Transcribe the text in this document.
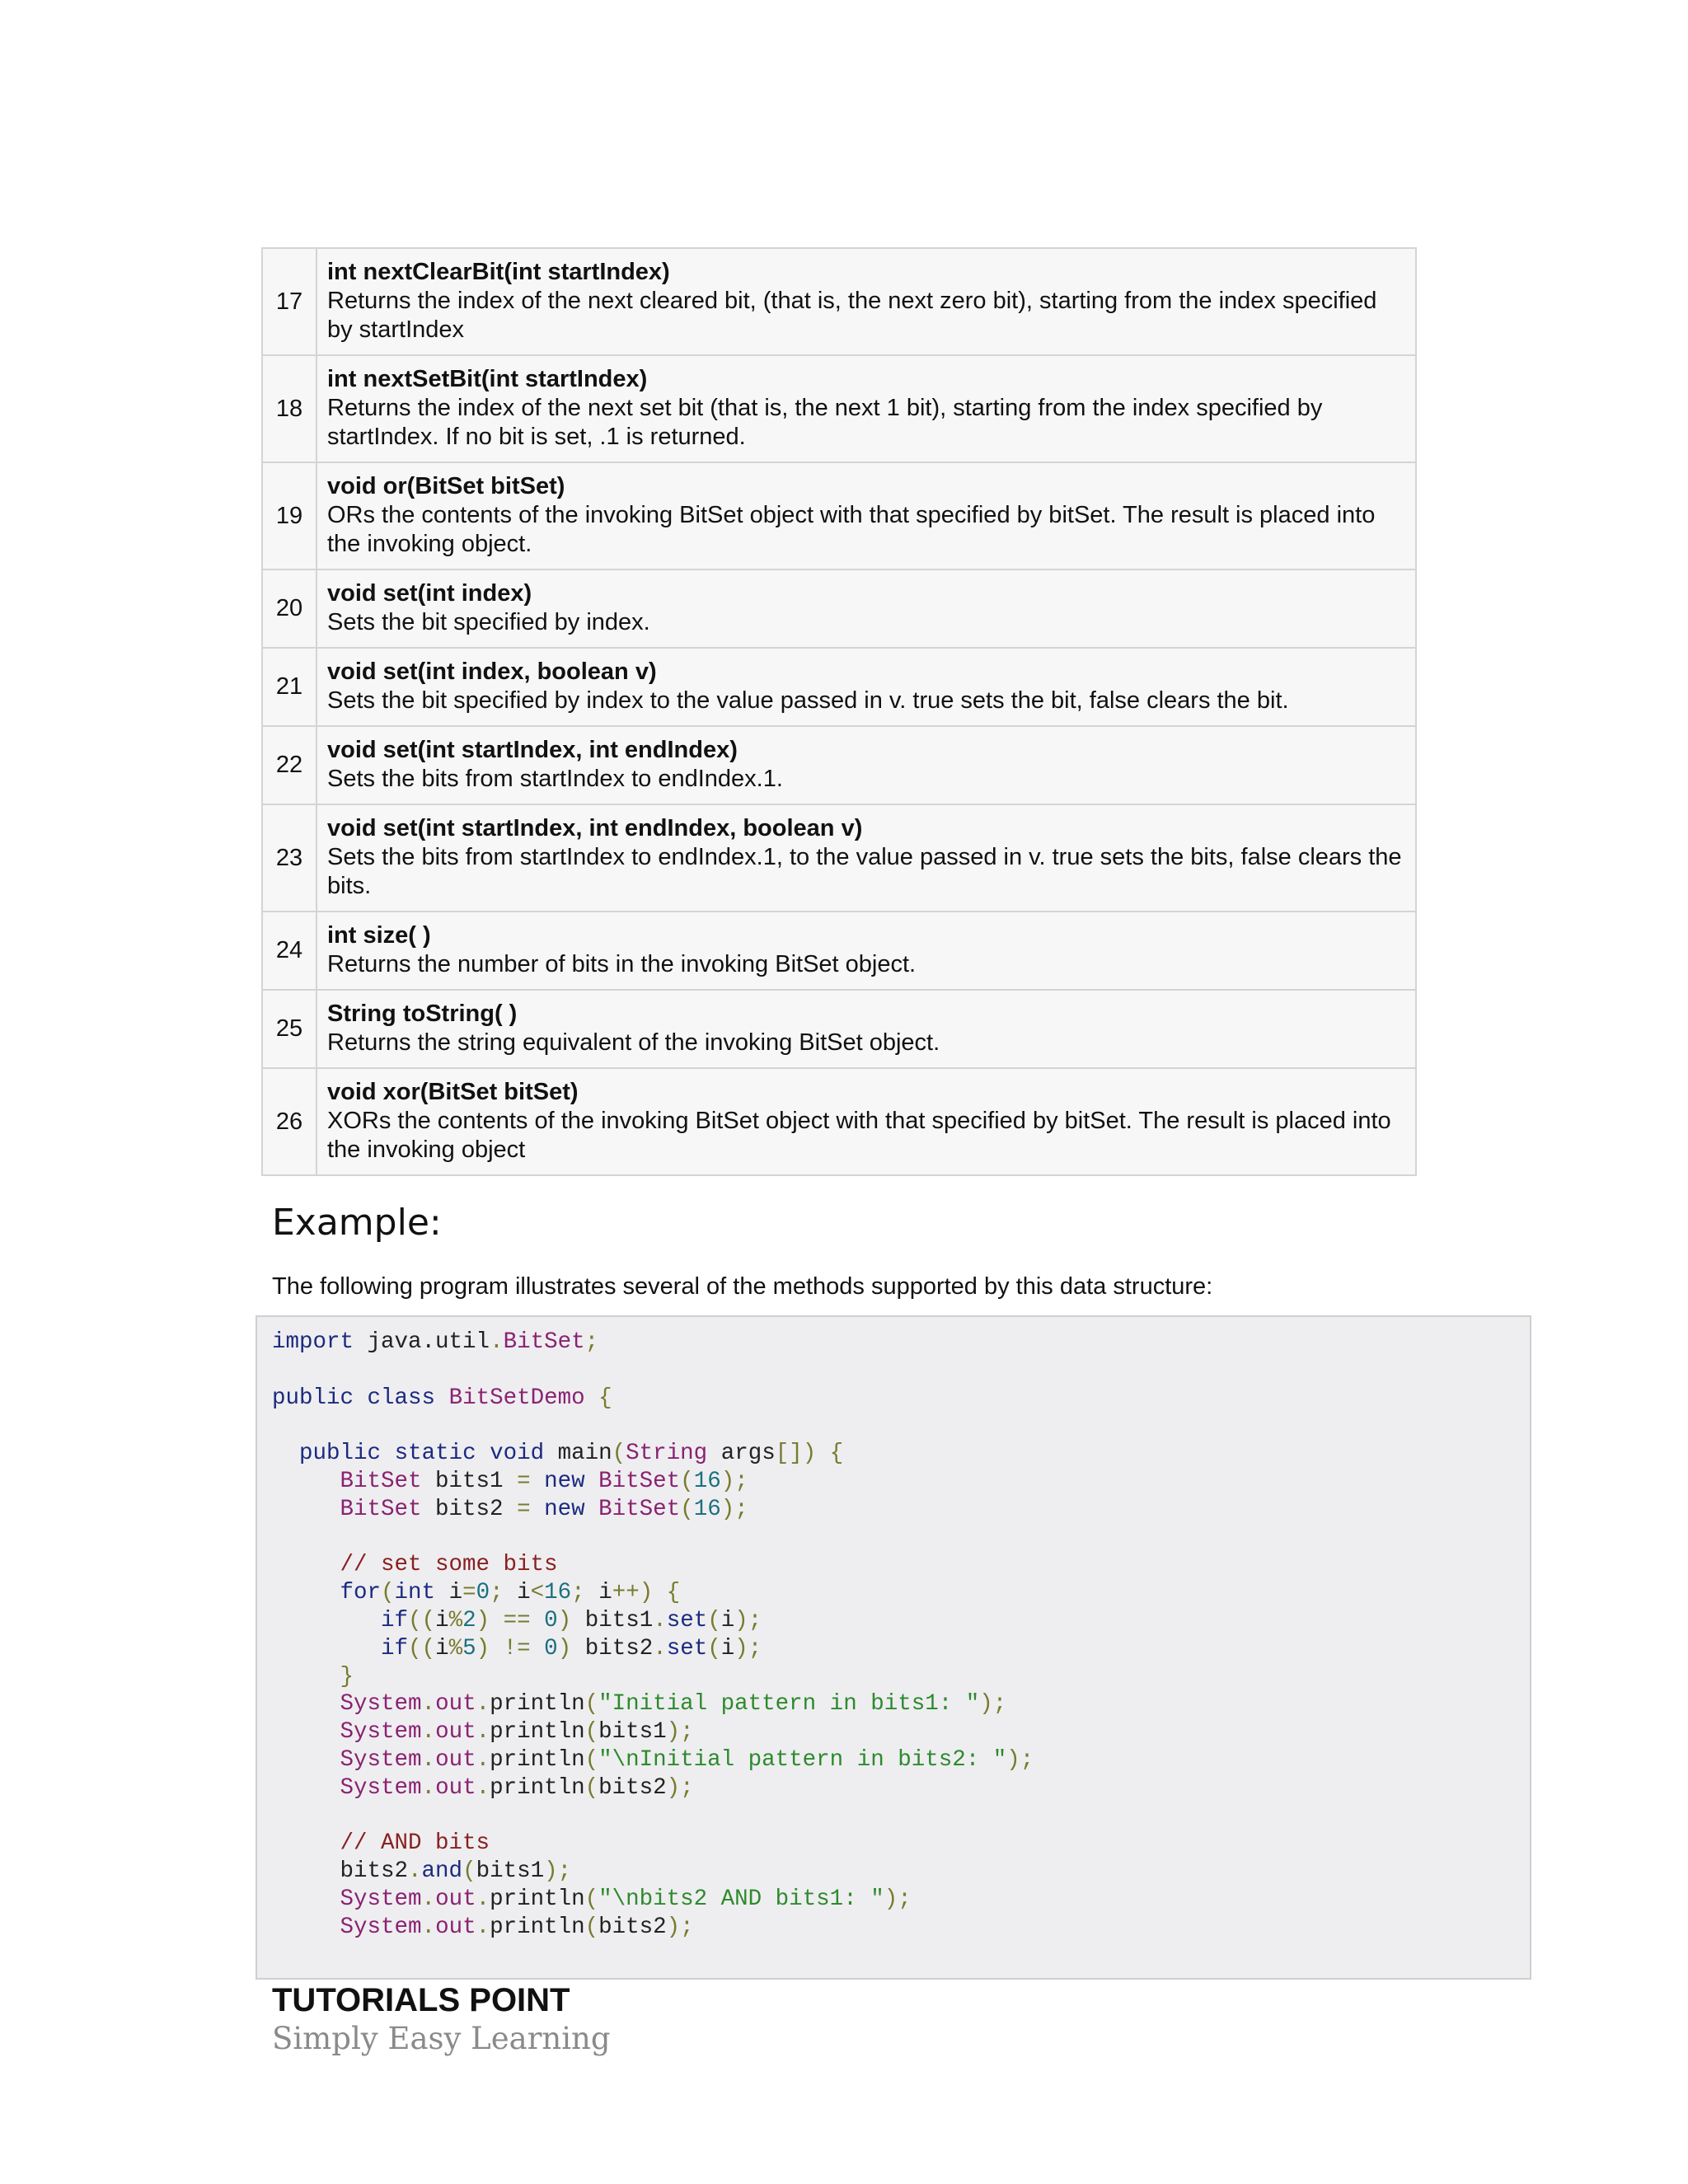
17	int nextClearBit(int startIndex)
Returns the index of the next cleared bit, (that is, the next zero bit), starting from the index specified by startIndex

18	int nextSetBit(int startIndex)
Returns the index of the next set bit (that is, the next 1 bit), starting from the index specified by startIndex. If no bit is set, .1 is returned.

19	void or(BitSet bitSet)
ORs the contents of the invoking BitSet object with that specified by bitSet. The result is placed into the invoking object.

20	void set(int index)
Sets the bit specified by index.

21	void set(int index, boolean v)
Sets the bit specified by index to the value passed in v. true sets the bit, false clears the bit.

22	void set(int startIndex, int endIndex)
Sets the bits from startIndex to endIndex.1.

23	void set(int startIndex, int endIndex, boolean v)
Sets the bits from startIndex to endIndex.1, to the value passed in v. true sets the bits, false clears the bits.

24	int size( )
Returns the number of bits in the invoking BitSet object.

25	String toString( )
Returns the string equivalent of the invoking BitSet object.

26	void xor(BitSet bitSet)
XORs the contents of the invoking BitSet object with that specified by bitSet. The result is placed into the invoking object
Example:

The following program illustrates several of the methods supported by this data structure:

import java.util.BitSet;

public class BitSetDemo {

public static void main(String args[]) {
BitSet bits1 = new BitSet(16);
BitSet bits2 = new BitSet(16);

// set some bits
for(int i=0; i<16; i++) {
if((i%2) == 0) bits1.set(i);
if((i%5) != 0) bits2.set(i);
}
System.out.println("Initial pattern in bits1: ");
System.out.println(bits1);
System.out.println("\nInitial pattern in bits2: ");
System.out.println(bits2);

// AND bits
bits2.and(bits1);
System.out.println("\nbits2 AND bits1: ");
System.out.println(bits2);
TUTORIALS POINT
Simply Easy Learning
